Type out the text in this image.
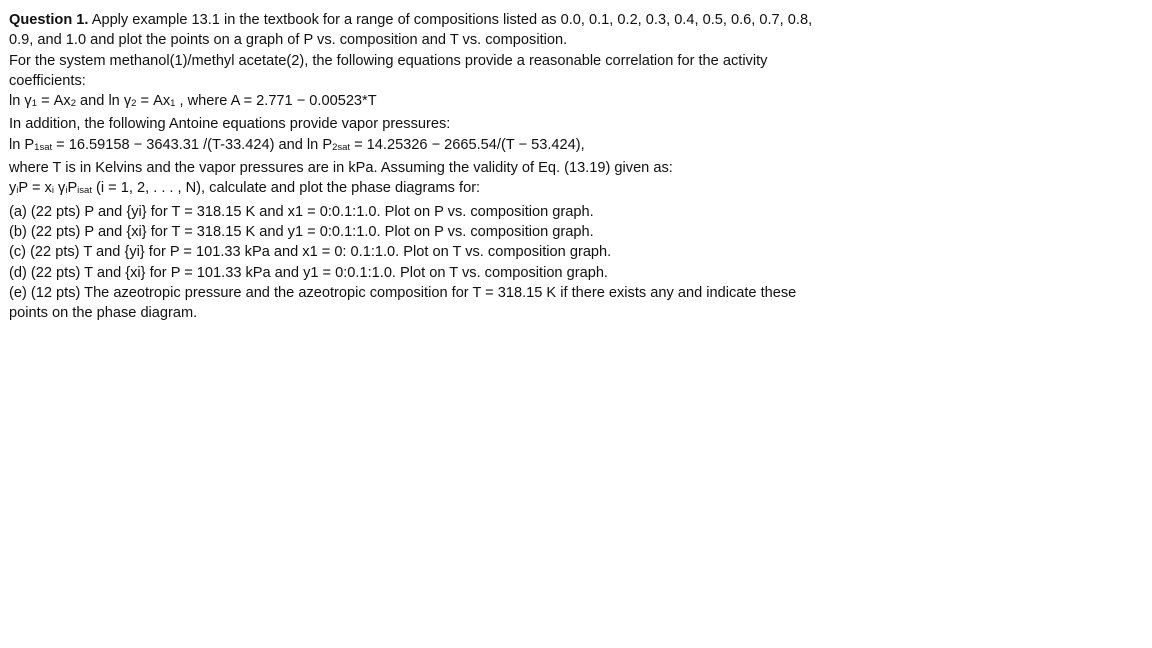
Question 1. Apply example 13.1 in the textbook for a range of compositions listed as 0.0, 0.1, 0.2, 0.3, 0.4, 0.5, 0.6, 0.7, 0.8,
0.9, and 1.0 and plot the points on a graph of P vs. composition and T vs. composition.
For the system methanol(1)/methyl acetate(2), the following equations provide a reasonable correlation for the activity
coefficients:
ln γ1 = Ax2 and ln γ2 = Ax1 , where A = 2.771 − 0.00523*T
In addition, the following Antoine equations provide vapor pressures:
ln P1sat = 16.59158 − 3643.31 /(T-33.424) and ln P2sat = 14.25326 − 2665.54/(T − 53.424),
where T is in Kelvins and the vapor pressures are in kPa. Assuming the validity of Eq. (13.19) given as:
yiP = xi γiPisat (i = 1, 2, . . . , N), calculate and plot the phase diagrams for:
(a) (22 pts) P and {yi} for T = 318.15 K and x1 = 0:0.1:1.0. Plot on P vs. composition graph.
(b) (22 pts) P and {xi} for T = 318.15 K and y1 = 0:0.1:1.0. Plot on P vs. composition graph.
(c) (22 pts) T and {yi} for P = 101.33 kPa and x1 = 0: 0.1:1.0. Plot on T vs. composition graph.
(d) (22 pts) T and {xi} for P = 101.33 kPa and y1 = 0:0.1:1.0. Plot on T vs. composition graph.
(e) (12 pts) The azeotropic pressure and the azeotropic composition for T = 318.15 K if there exists any and indicate these
points on the phase diagram.
